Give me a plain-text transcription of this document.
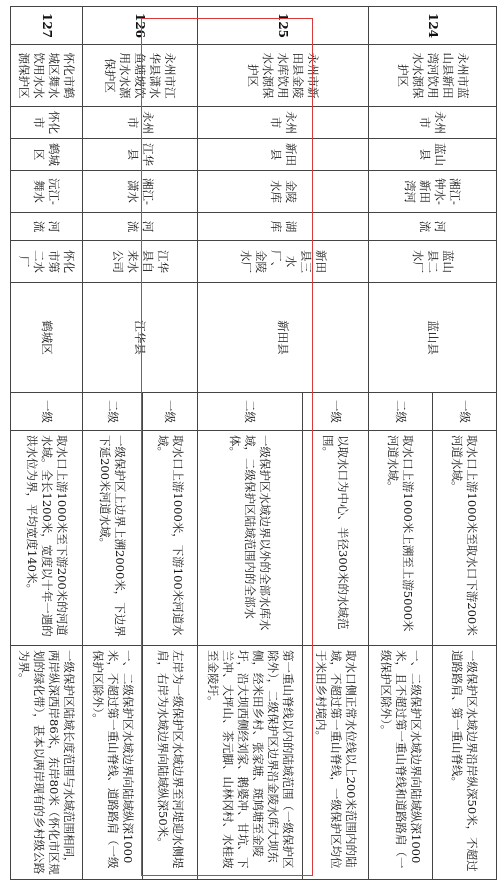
124	永州市蓝山县新田湾河饮用水水源保护区	永州市	蓝山县	湘江-钟水-新田湾河	河流	蓝山县二水厂	蓝山县	一级	取水口上游1000米至取水口下游200米河道水域。	一级保护区水域边界沿岸纵深50米，不超过道路路肩、第一重山脊线。
								二级	取水口上游1000米上溯至上游5000米河道水域。	一、二级保护区水域边界向陆域纵深1000米，且不超过第一重山脊线和道路路肩（一级保护区除外）。
125	永州市新田县金陵水库饮用水水源保护区	永州市	新田县	金陵水库	湖库	新田县三水厂、金陵水厂	新田县	一级	以取水口为中心、半径300米的水域范围。	取水口侧正常水位线以上200米范围内的陆域，不超过第一重山脊线，一级保护区均位于米田乡村境内。
								二级	一级保护区水域边界以外的全部水库水域，二级保护区陆域范围内的全部水体。	第一重山脊线以内的陆域范围（一级保护区除外），二级保护区边界沿金陵水库大坝东侧，经米田乡村、张家塘、斑鸠塘至金陵圩，沿大坝西侧经刘家、鹅婆冲、甘坑、下兰冲、大坪山、茶元脚、山林冈村、水桂坡至金陵圩。
126	永州市江华县潇水鱼塘坡饮用水水源保护区	永州市	江华县	湘江-潇水	河流	江华县自来水公司	江华县	一级	取水口上游1000米，下游100米河道水域。	左岸为一级保护区水域边界至河堤迎水侧堤肩，右岸为水域边界向陆域纵深50米。
								二级	一级保护区上边界上溯2000米，下边界下延200米河道水域。	一、二级保护区水域边界向陆域纵深1000米，不超过第一重山脊线、道路路肩（一级保护区除外）。
127	怀化市鹤城区舞水饮用水水源保护区	怀化市	鹤城区	沅江-舞水	河流	怀化市第二水厂	鹤城区	一级	取水口上游1000米至下游200米的河道水域。全长1200米，宽度以十年一遇的洪水位为界，平均宽度140米。	一级保护区陆域长度范围与水域范围相同，两岸纵深西岸86米，东岸80米（怀化市区规划的绿化带），甚本以两岸现有的乡村级公路为界。
